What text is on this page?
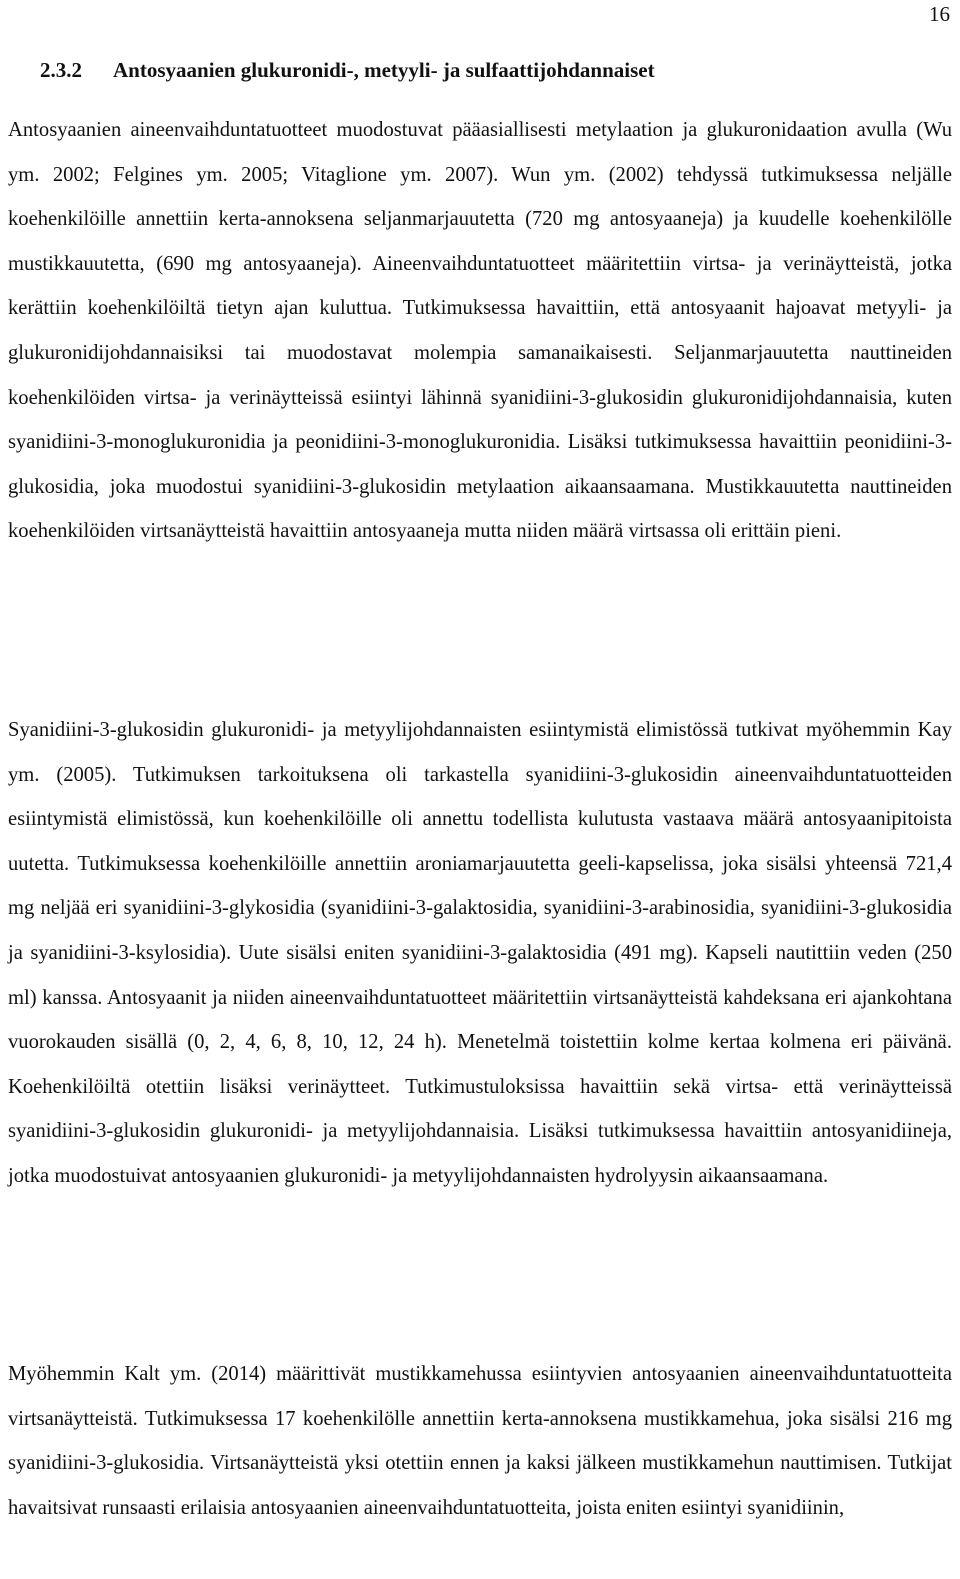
16
2.3.2 Antosyaanien glukuronidi-, metyyli- ja sulfaattijohdannaiset

Antosyaanien aineenvaihduntatuotteet muodostuvat pääasiallisesti metylaation ja glukuronidaation avulla (Wu ym. 2002; Felgines ym. 2005; Vitaglione ym. 2007). Wun ym. (2002) tehdyssä tutkimuksessa neljälle koehenkilöille annettiin kerta-annoksena seljanmarjauutetta (720 mg antosyaaneja) ja kuudelle koehenkilölle mustikkauutetta, (690 mg antosyaaneja). Aineenvaihduntatuotteet määritettiin virtsa- ja verinäytteistä, jotka kerättiin koehenkilöiltä tietyn ajan kuluttua. Tutkimuksessa havaittiin, että antosyaanit hajoavat metyyli- ja glukuronidijohdannaisiksi tai muodostavat molempia samanaikaisesti. Seljanmarjauutetta nauttineiden koehenkilöiden virtsa- ja verinäytteissä esiintyi lähinnä syanidiini-3-glukosidin glukuronidijohdannaisia, kuten syanidiini-3-monoglukuronidia ja peonidiini-3-monoglukuronidia. Lisäksi tutkimuksessa havaittiin peonidiini-3-glukosidia, joka muodostui syanidiini-3-glukosidin metylaation aikaansaamana. Mustikkauutetta nauttineiden koehenkilöiden virtsanäytteistä havaittiin antosyaaneja mutta niiden määrä virtsassa oli erittäin pieni.

Syanidiini-3-glukosidin glukuronidi- ja metyylijohdannaisten esiintymistä elimistössä tutkivat myöhemmin Kay ym. (2005). Tutkimuksen tarkoituksena oli tarkastella syanidiini-3-glukosidin aineenvaihduntatuotteiden esiintymistä elimistössä, kun koehenkilöille oli annettu todellista kulutusta vastaava määrä antosyaanipitoista uutetta. Tutkimuksessa koehenkilöille annettiin aroniamarjauutetta geeli-kapselissa, joka sisälsi yhteensä 721,4 mg neljää eri syanidiini-3-glykosidia (syanidiini-3-galaktosidia, syanidiini-3-arabinosidia, syanidiini-3-glukosidia ja syanidiini-3-ksylosidia). Uute sisälsi eniten syanidiini-3-galaktosidia (491 mg). Kapseli nautittiin veden (250 ml) kanssa. Antosyaanit ja niiden aineenvaihduntatuotteet määritettiin virtsanäytteistä kahdeksana eri ajankohtana vuorokauden sisällä (0, 2, 4, 6, 8, 10, 12, 24 h). Menetelmä toistettiin kolme kertaa kolmena eri päivänä. Koehenkilöiltä otettiin lisäksi verinäytteet. Tutkimustuloksissa havaittiin sekä virtsa- että verinäytteissä syanidiini-3-glukosidin glukuronidi- ja metyylijohdannaisia. Lisäksi tutkimuksessa havaittiin antosyanidiineja, jotka muodostuivat antosyaanien glukuronidi- ja metyylijohdannaisten hydrolyysin aikaansaamana.

Myöhemmin Kalt ym. (2014) määrittivät mustikkamehussa esiintyvien antosyaanien aineenvaihduntatuotteita virtsanäytteistä. Tutkimuksessa 17 koehenkilölle annettiin kerta-annoksena mustikkamehua, joka sisälsi 216 mg syanidiini-3-glukosidia. Virtsanäytteistä yksi otettiin ennen ja kaksi jälkeen mustikkamehun nauttimisen. Tutkijat havaitsivat runsaasti erilaisia antosyaanien aineenvaihduntatuotteita, joista eniten esiintyi syanidiinin,
